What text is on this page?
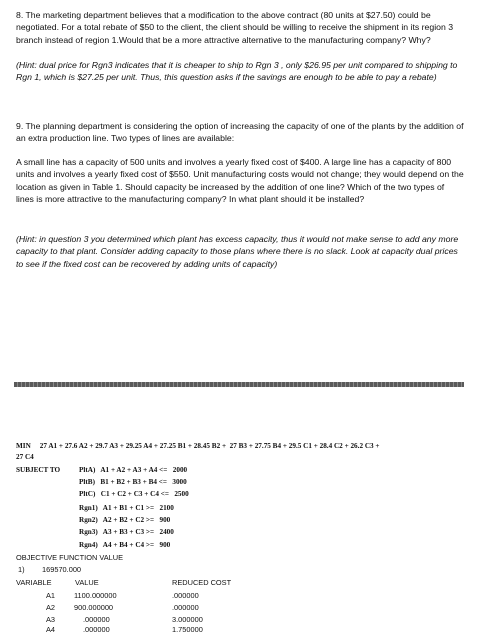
8. The marketing department believes that a modification to the above contract (80 units at $27.50) could be negotiated. For a total rebate of $50 to the client, the client should be willing to receive the shipment in its region 3 branch instead of region 1.Would that be a more attractive alternative to the manufacturing company? Why?
(Hint: dual price for Rgn3 indicates that it is cheaper to ship to Rgn 3 , only $26.95 per unit compared to shipping to Rgn 1, which is $27.25 per unit. Thus, this question asks if the savings are enough to be able to pay a rebate)
9. The planning department is considering the option of increasing the capacity of one of the plants by the addition of an extra production line. Two types of lines are available:
A small line has a capacity of 500 units and involves a yearly fixed cost of $400. A large line has a capacity of 800 units and involves a yearly fixed cost of $550. Unit manufacturing costs would not change; they would depend on the location as given in Table 1. Should capacity be increased by the addition of one line? Which of the two types of lines is more attractive to the manufacturing company? In what plant should it be installed?
(Hint: in question 3 you determined which plant has excess capacity, thus it would not make sense to add any more capacity to that plant. Consider adding capacity to those plans where there is no slack. Look at capacity dual prices to see if the fixed cost can be recovered by adding units of capacity)
MIN     27 A1 + 27.6 A2 + 29.7 A3 + 29.25 A4 + 27.25 B1 + 28.45 B2 +  27 B3 + 27.75 B4 + 29.5 C1 + 28.4 C2 + 26.2 C3 +
27 C4
SUBJECT TO	PltA)   A1 + A2 + A3 + A4 <=   2000
PltB)   B1 + B2 + B3 + B4 <=   3000
PltC)   C1 + C2 + C3 + C4 <=   2500
Rgn1)   A1 + B1 + C1 >=   2100
Rgn2)   A2 + B2 + C2 >=   900
Rgn3)   A3 + B3 + C3 >=   2400
Rgn4)   A4 + B4 + C4 >=   900
OBJECTIVE FUNCTION VALUE
1) 169570.000
VARIABLE	VALUE	REDUCED COST
A1	1100.000000	.000000
A2	900.000000	.000000
A3	.000000	3.000000
A4	.000000	1.750000
